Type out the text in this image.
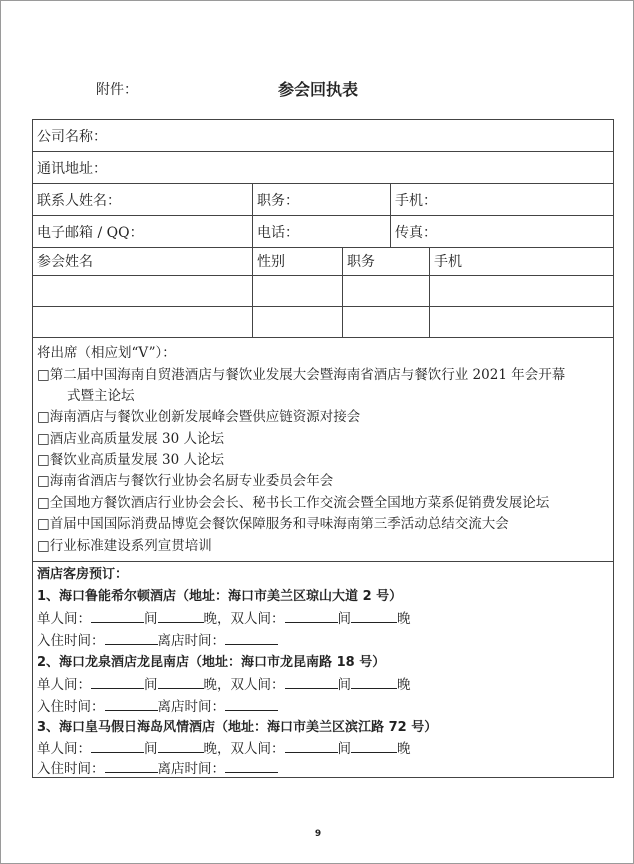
附件：	参会回执表
公司名称：
通讯地址：
联系人姓名：	职务：	手机：
电子邮箱 / QQ：	电话：	传真：
参会姓名	性别	职务	手机
将出席（相应划“V”）：
□第二届中国海南自贸港酒店与餐饮业发展大会暨海南省酒店与餐饮行业 2021 年会开幕
式暨主论坛
□海南酒店与餐饮业创新发展峰会暨供应链资源对接会
□酒店业高质量发展 30 人论坛
□餐饮业高质量发展 30 人论坛
□海南省酒店与餐饮行业协会名厨专业委员会年会
□全国地方餐饮酒店行业协会会长、秘书长工作交流会暨全国地方菜系促销费发展论坛
□首届中国国际消费品博览会餐饮保障服务和寻味海南第三季活动总结交流大会
□行业标准建设系列宣贯培训
酒店客房预订：
1、海口鲁能希尔顿酒店（地址：海口市美兰区琼山大道 2 号）
单人间：	间	晚，双人间：	间	晚
入住时间：	离店时间：
2、海口龙泉酒店龙昆南店（地址：海口市龙昆南路 18 号）
单人间：	间	晚，双人间：	间	晚
入住时间：	离店时间：
3、海口皇马假日海岛风情酒店（地址：海口市美兰区滨江路 72 号）
单人间：	间	晚，双人间：	间	晚
入住时间：	离店时间：
9
